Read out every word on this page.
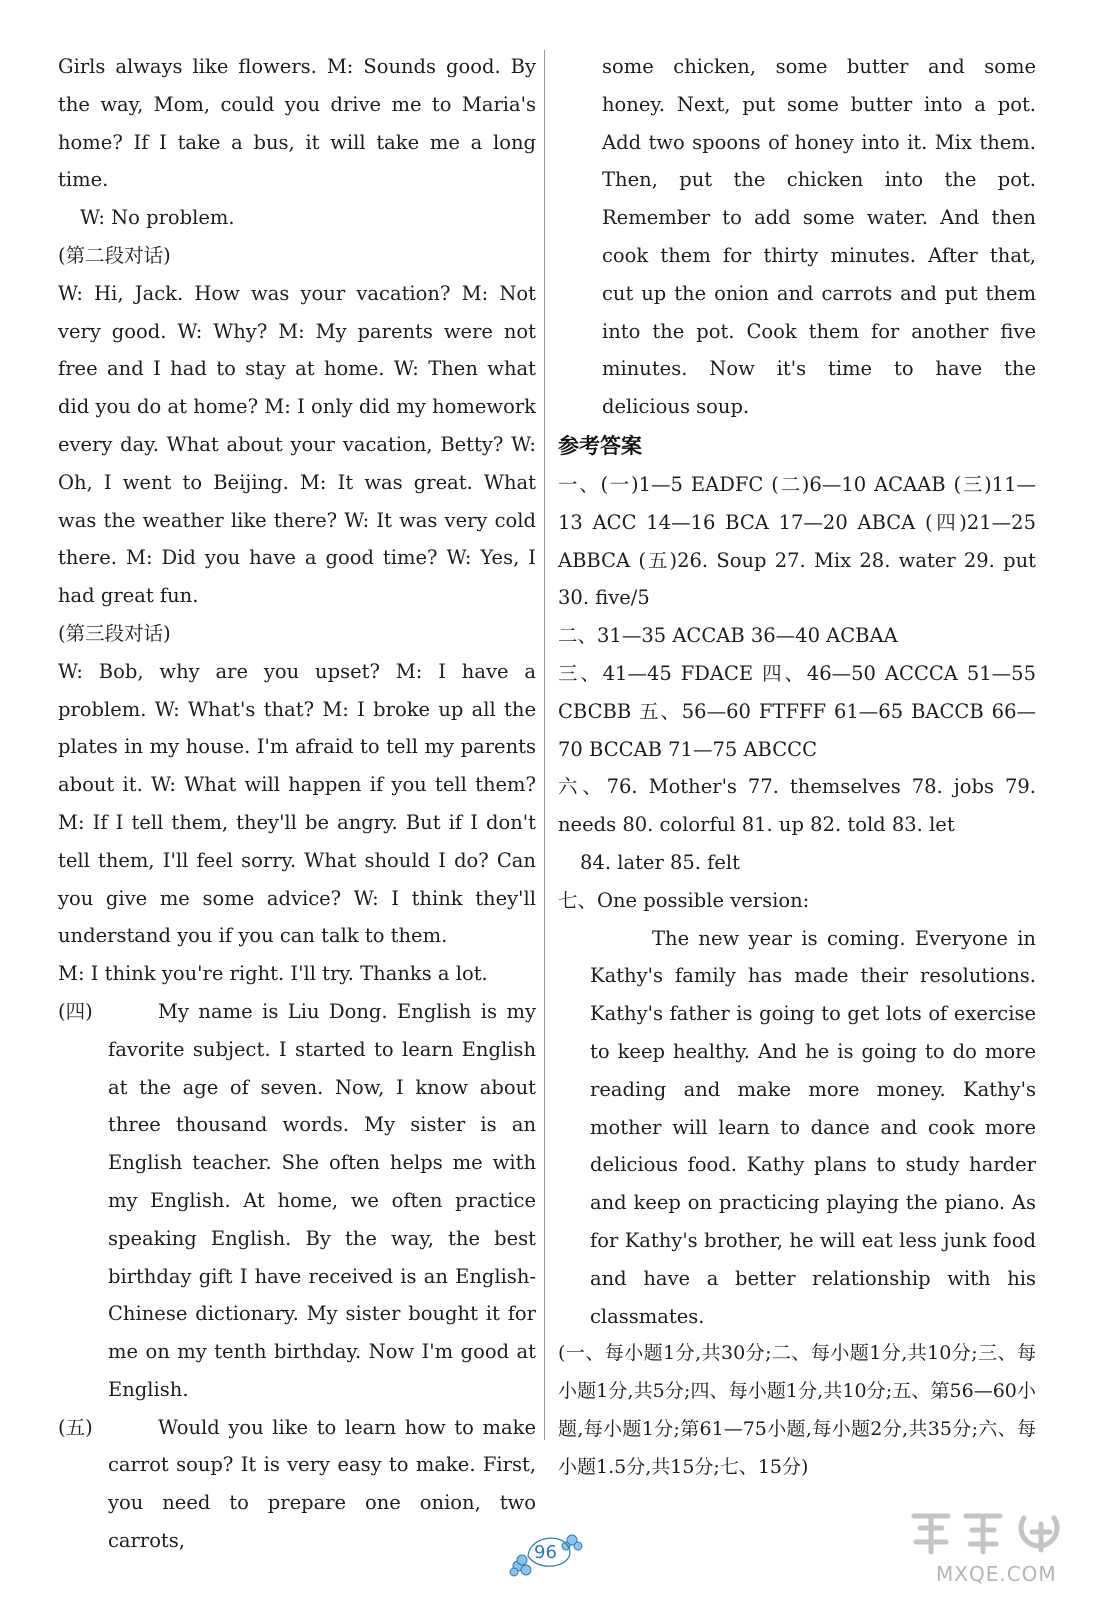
Girls always like flowers. M: Sounds good. By the way, Mom, could you drive me to Maria's home? If I take a bus, it will take me a long time.

W: No problem.

(第二段对话)

W: Hi, Jack. How was your vacation? M: Not very good. W: Why? M: My parents were not free and I had to stay at home. W: Then what did you do at home? M: I only did my homework every day. What about your vacation, Betty? W: Oh, I went to Beijing. M: It was great. What was the weather like there? W: It was very cold there. M: Did you have a good time? W: Yes, I had great fun.

(第三段对话)

W: Bob, why are you upset? M: I have a problem. W: What's that? M: I broke up all the plates in my house. I'm afraid to tell my parents about it. W: What will happen if you tell them? M: If I tell them, they'll be angry. But if I don't tell them, I'll feel sorry. What should I do? Can you give me some advice? W: I think they'll understand you if you can talk to them.

M: I think you're right. I'll try. Thanks a lot.

(四)	My name is Liu Dong. English is my favorite subject. I started to learn English at the age of seven. Now, I know about three thousand words. My sister is an English teacher. She often helps me with my English. At home, we often practice speaking English. By the way, the best birthday gift I have received is an English-Chinese dictionary. My sister bought it for me on my tenth birthday. Now I'm good at English.

(五)	Would you like to learn how to make carrot soup? It is very easy to make. First, you need to prepare one onion, two carrots,

some chicken, some butter and some honey. Next, put some butter into a pot. Add two spoons of honey into it. Mix them. Then, put the chicken into the pot. Remember to add some water. And then cook them for thirty minutes. After that, cut up the onion and carrots and put them into the pot. Cook them for another five minutes. Now it's time to have the delicious soup.

参考答案

一、(一)1—5 EADFC (二)6—10 ACAAB (三)11—13 ACC 14—16 BCA 17—20 ABCA (四)21—25 ABBCA (五)26. Soup 27. Mix 28. water 29. put 30. five/5

二、31—35 ACCAB 36—40 ACBAA

三、41—45 FDACE 四、46—50 ACCCA 51—55 CBCBB 五、56—60 FTFFF 61—65 BACCB 66—70 BCCAB 71—75 ABCCC

六、76. Mother's 77. themselves 78. jobs 79. needs 80. colorful 81. up 82. told 83. let

84. later 85. felt

七、One possible version:

The new year is coming. Everyone in Kathy's family has made their resolutions. Kathy's father is going to get lots of exercise to keep healthy. And he is going to do more reading and make more money. Kathy's mother will learn to dance and cook more delicious food. Kathy plans to study harder and keep on practicing playing the piano. As for Kathy's brother, he will eat less junk food and have a better relationship with his classmates.

(一、每小题1分,共30分;二、每小题1分,共10分;三、每小题1分,共5分;四、每小题1分,共10分;五、第56—60小题,每小题1分;第61—75小题,每小题2分,共35分;六、每小题1.5分,共15分;七、15分)

96
MXQE.COM
